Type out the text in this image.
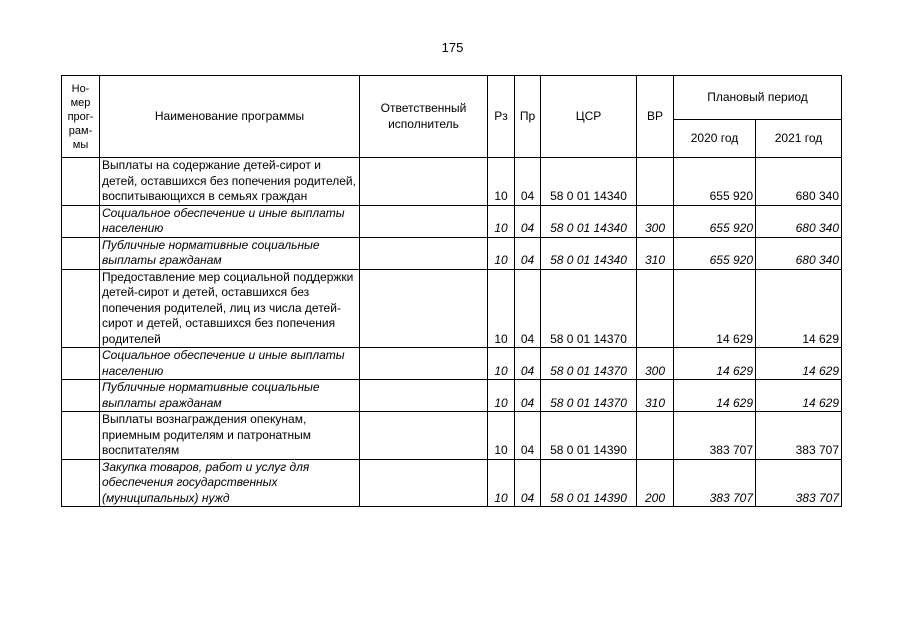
175
Но-
мер
прог-
рам-
мы	Наименование программы	Ответственный исполнитель	Рз	Пр	ЦСР	ВР	Плановый период	
							2020 год	2021 год
	Выплаты на содержание детей-сирот и детей, оставшихся без попечения родителей, воспитывающихся в семьях граждан		10	04	58 0 01 14340		655 920	680 340
	Социальное обеспечение и иные выплаты населению		10	04	58 0 01 14340	300	655 920	680 340
	Публичные нормативные социальные выплаты гражданам		10	04	58 0 01 14340	310	655 920	680 340
	Предоставление мер социальной поддержки детей-сирот и детей, оставшихся без попечения родителей, лиц из числа детей-сирот и детей, оставшихся без попечения родителей		10	04	58 0 01 14370		14 629	14 629
	Социальное обеспечение и иные выплаты населению		10	04	58 0 01 14370	300	14 629	14 629
	Публичные нормативные социальные выплаты гражданам		10	04	58 0 01 14370	310	14 629	14 629
	Выплаты вознаграждения опекунам, приемным родителям и патронатным воспитателям		10	04	58 0 01 14390		383 707	383 707
	Закупка товаров, работ и услуг для обеспечения государственных (муниципальных) нужд		10	04	58 0 01 14390	200	383 707	383 707
